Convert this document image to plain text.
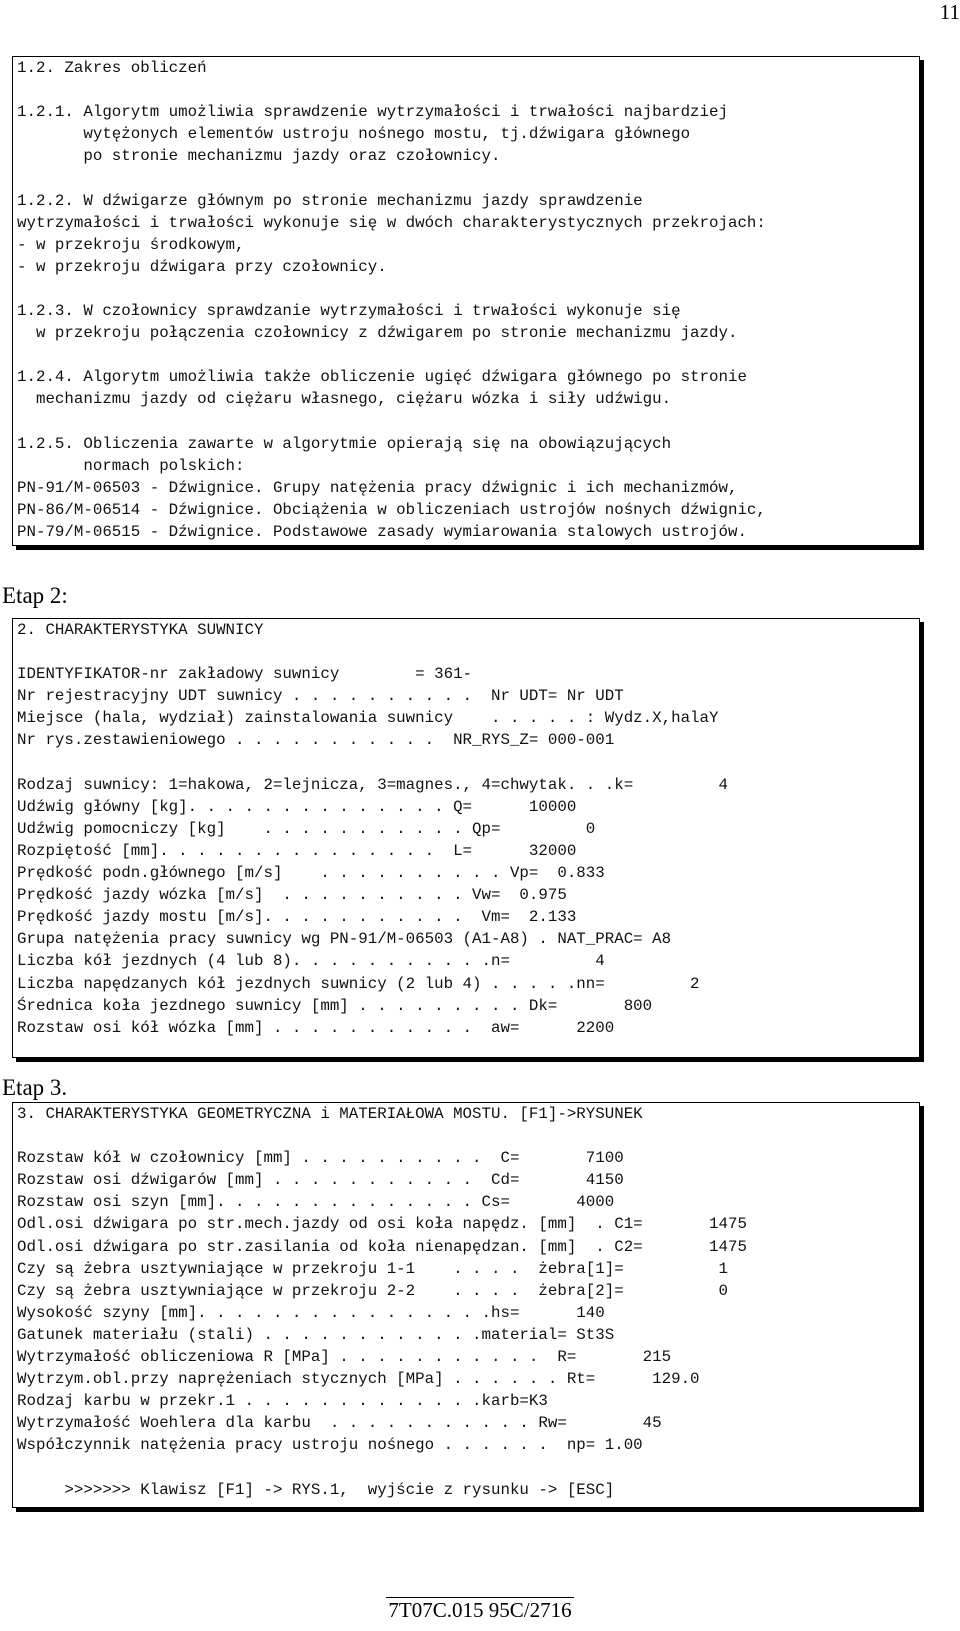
11
1.2. Zakres obliczeń

1.2.1. Algorytm umożliwia sprawdzenie wytrzymałości i trwałości najbardziej
wytężonych elementów ustroju nośnego mostu, tj.dźwigara głównego
po stronie mechanizmu jazdy oraz czołownicy.

1.2.2. W dźwigarze głównym po stronie mechanizmu jazdy sprawdzenie
wytrzymałości i trwałości wykonuje się w dwóch charakterystycznych przekrojach:
- w przekroju środkowym,
- w przekroju dźwigara przy czołownicy.

1.2.3. W czołownicy sprawdzanie wytrzymałości i trwałości wykonuje się
w przekroju połączenia czołownicy z dźwigarem po stronie mechanizmu jazdy.

1.2.4. Algorytm umożliwia także obliczenie ugięć dźwigara głównego po stronie
mechanizmu jazdy od ciężaru własnego, ciężaru wózka i siły udźwigu.

1.2.5. Obliczenia zawarte w algorytmie opierają się na obowiązujących
normach polskich:
PN-91/M-06503 - Dźwignice. Grupy natężenia pracy dźwignic i ich mechanizmów,
PN-86/M-06514 - Dźwignice. Obciążenia w obliczeniach ustrojów nośnych dźwignic,
PN-79/M-06515 - Dźwignice. Podstawowe zasady wymiarowania stalowych ustrojów.
Etap 2:
2. CHARAKTERYSTYKA SUWNICY

IDENTYFIKATOR-nr zakładowy suwnicy        = 361-
Nr rejestracyjny UDT suwnicy . . . . . . . . . .  Nr UDT= Nr UDT
Miejsce (hala, wydział) zainstalowania suwnicy    . . . . . : Wydz.X,halaY
Nr rys.zestawieniowego . . . . . . . . . . .  NR_RYS_Z= 000-001

Rodzaj suwnicy: 1=hakowa, 2=lejnicza, 3=magnes., 4=chwytak. . .k=         4
Udźwig główny [kg]. . . . . . . . . . . . . . Q=      10000
Udźwig pomocniczy [kg]    . . . . . . . . . . . Qp=         0
Rozpiętość [mm]. . . . . . . . . . . . . . .  L=      32000
Prędkość podn.głównego [m/s]    . . . . . . . . . . Vp=  0.833
Prędkość jazdy wózka [m/s]  . . . . . . . . . . Vw=  0.975
Prędkość jazdy mostu [m/s]. . . . . . . . . . .  Vm=  2.133
Grupa natężenia pracy suwnicy wg PN-91/M-06503 (A1-A8) . NAT_PRAC= A8
Liczba kół jezdnych (4 lub 8). . . . . . . . . . .n=         4
Liczba napędzanych kół jezdnych suwnicy (2 lub 4) . . . . .nn=         2
Średnica koła jezdnego suwnicy [mm] . . . . . . . . . Dk=       800
Rozstaw osi kół wózka [mm] . . . . . . . . . . .  aw=      2200
Etap 3.
3. CHARAKTERYSTYKA GEOMETRYCZNA i MATERIAŁOWA MOSTU. [F1]->RYSUNEK

Rozstaw kół w czołownicy [mm] . . . . . . . . . .  C=       7100
Rozstaw osi dźwigarów [mm] . . . . . . . . . . .  Cd=       4150
Rozstaw osi szyn [mm]. . . . . . . . . . . . . . Cs=       4000
Odl.osi dźwigara po str.mech.jazdy od osi koła napędz. [mm]  . C1=       1475
Odl.osi dźwigara po str.zasilania od koła nienapędzan. [mm]  . C2=       1475
Czy są żebra usztywniające w przekroju 1-1    . . . .  żebra[1]=          1
Czy są żebra usztywniające w przekroju 2-2    . . . .  żebra[2]=          0
Wysokość szyny [mm]. . . . . . . . . . . . . . . .hs=      140
Gatunek materiału (stali) . . . . . . . . . . . .material= St3S
Wytrzymałość obliczeniowa R [MPa] . . . . . . . . . . .  R=       215
Wytrzym.obl.przy naprężeniach stycznych [MPa] . . . . . . Rt=      129.0
Rodzaj karbu w przekr.1 . . . . . . . . . . . . .karb=K3
Wytrzymałość Woehlera dla karbu  . . . . . . . . . . . Rw=        45
Współczynnik natężenia pracy ustroju nośnego . . . . . .  np= 1.00

>>>>>>> Klawisz [F1] -> RYS.1,  wyjście z rysunku -> [ESC]
7T07C.015 95C/2716
